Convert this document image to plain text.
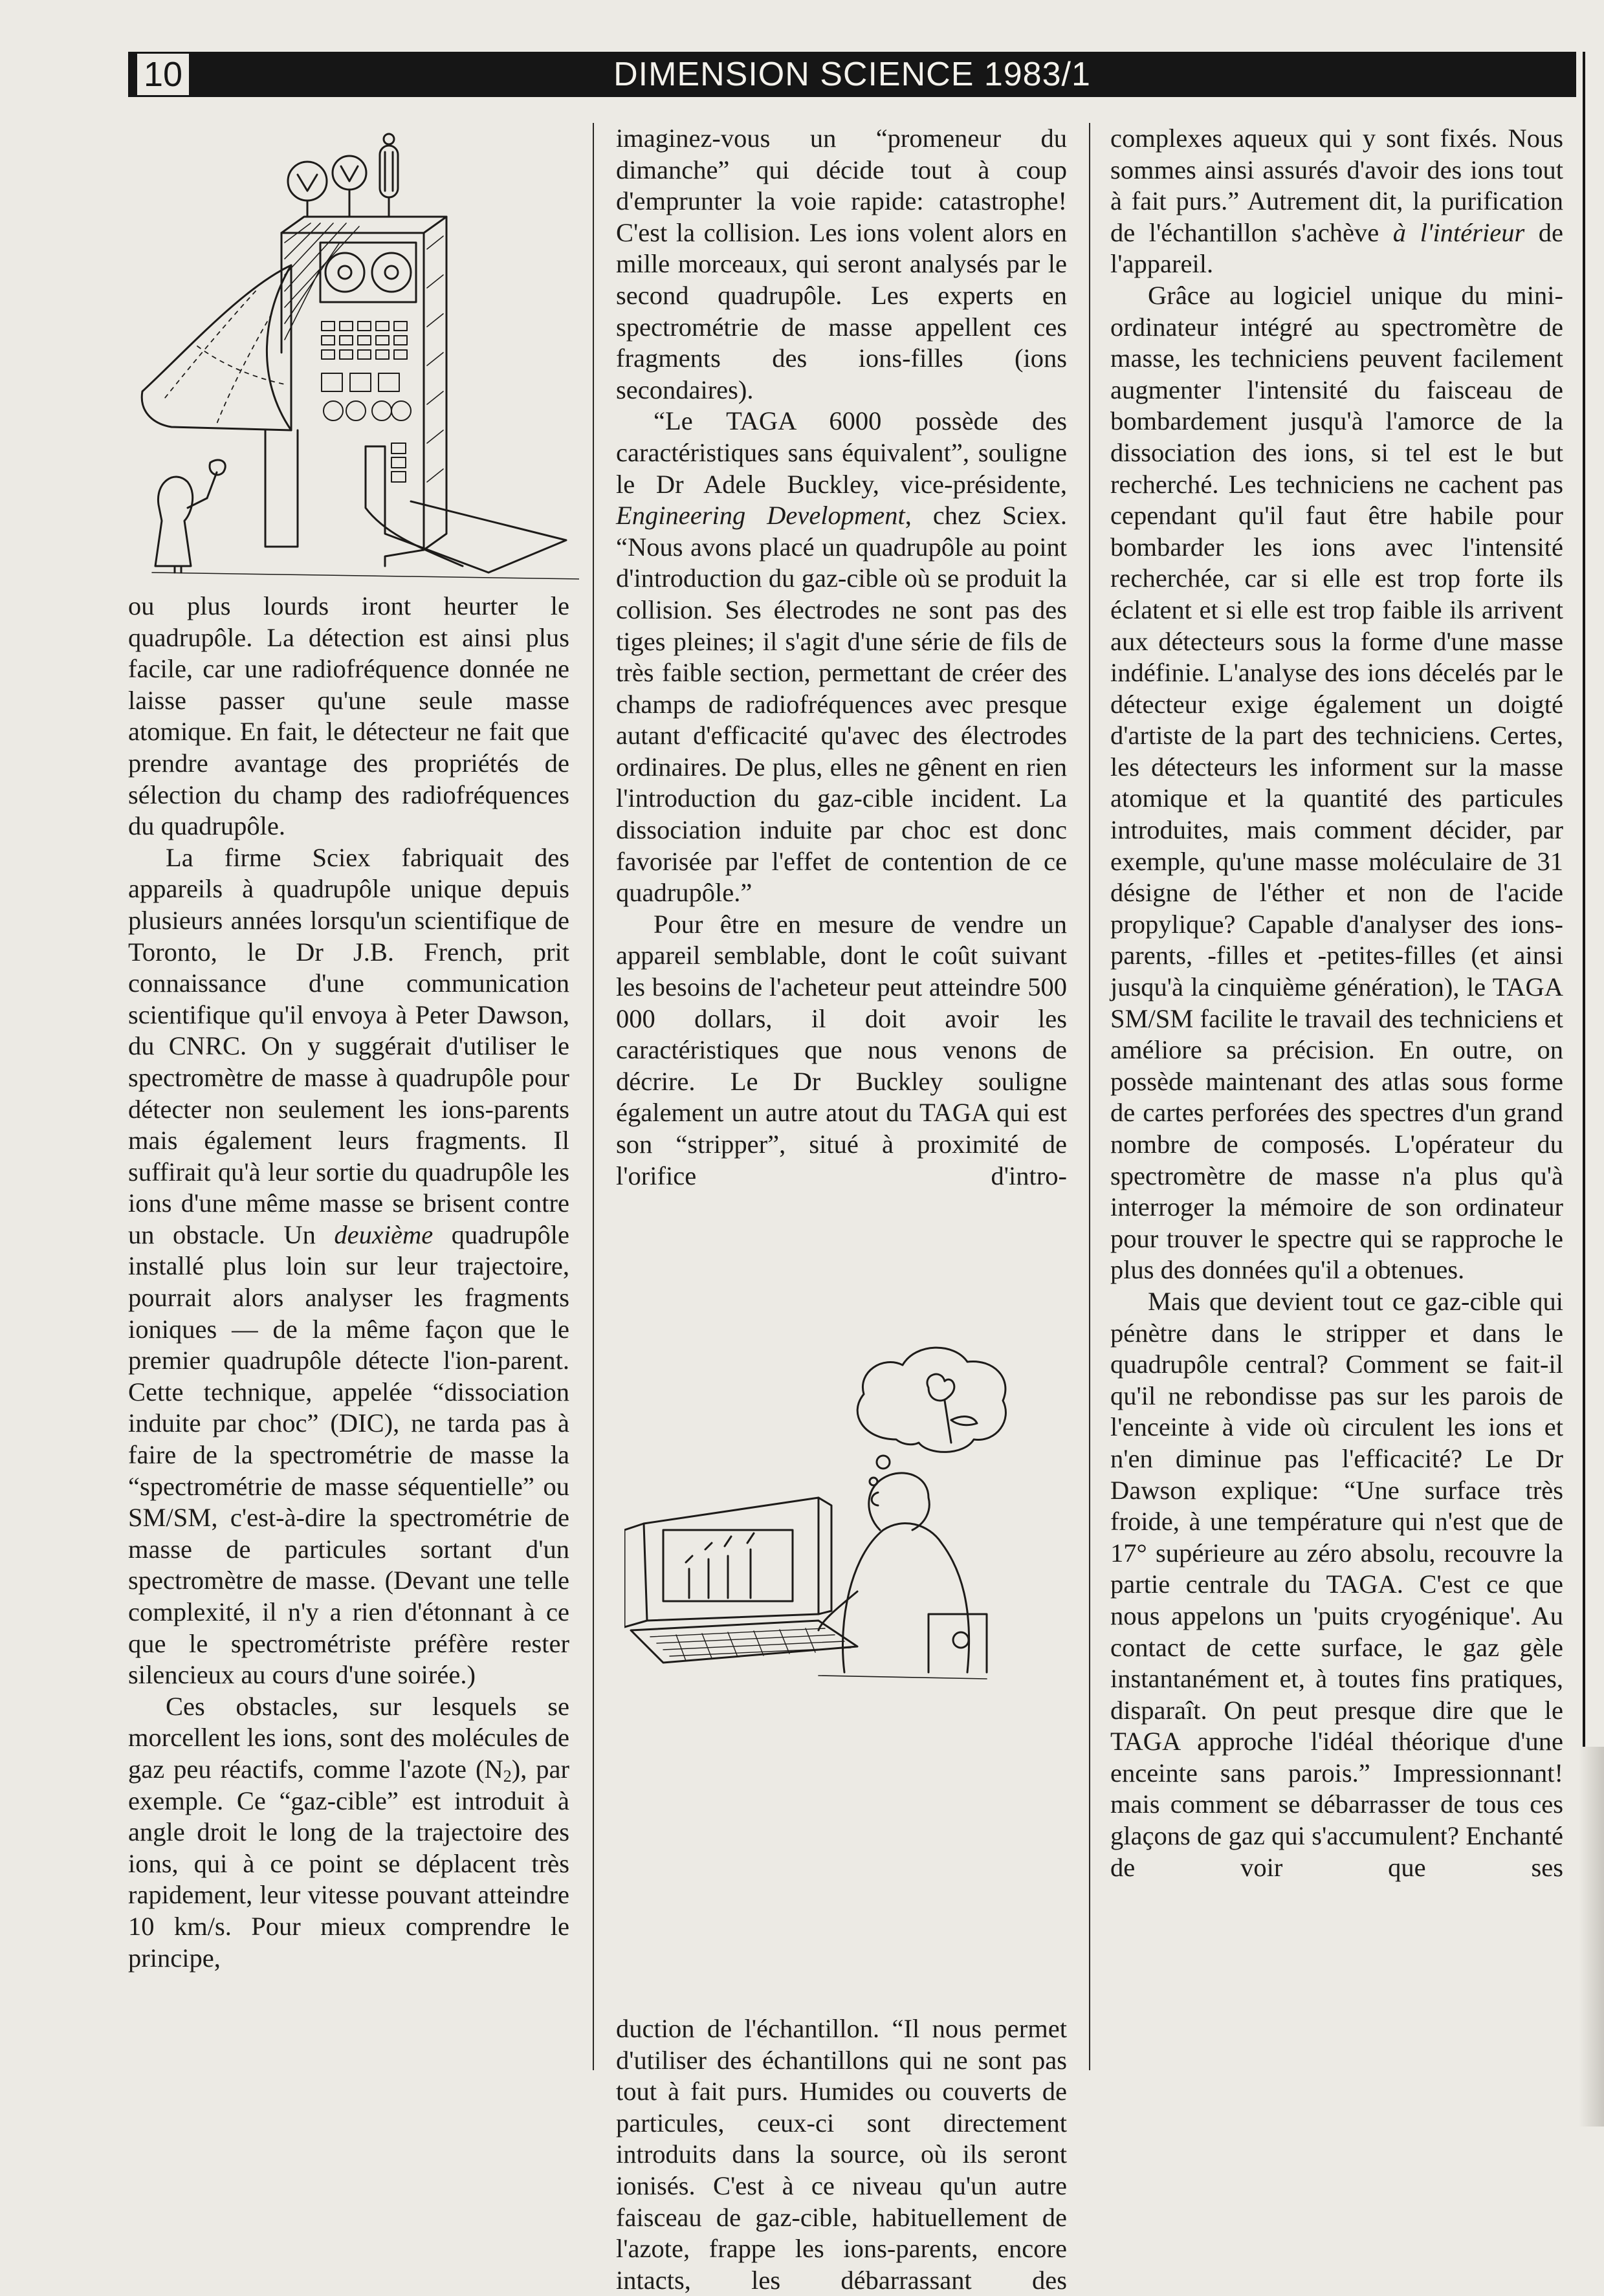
10	DIMENSION SCIENCE 1983/1

ou plus lourds iront heurter le quadrupôle. La détection est ainsi plus facile, car une radiofréquence donnée ne laisse passer qu'une seule masse atomique. En fait, le détecteur ne fait que prendre avantage des propriétés de sélection du champ des radiofréquences du quadrupôle.

La firme Sciex fabriquait des appareils à quadrupôle unique depuis plusieurs années lorsqu'un scientifique de Toronto, le Dr J.B. French, prit connaissance d'une communication scientifique qu'il envoya à Peter Dawson, du CNRC. On y suggérait d'utiliser le spectromètre de masse à quadrupôle pour détecter non seulement les ions-parents mais également leurs fragments. Il suffirait qu'à leur sortie du quadrupôle les ions d'une même masse se brisent contre un obstacle. Un deuxième quadrupôle installé plus loin sur leur trajectoire, pourrait alors analyser les fragments ioniques — de la même façon que le premier quadrupôle détecte l'ion-parent. Cette technique, appelée “dissociation induite par choc” (DIC), ne tarda pas à faire de la spectrométrie de masse la “spectrométrie de masse séquentielle” ou SM/SM, c'est-à-dire la spectrométrie de masse de particules sortant d'un spectromètre de masse. (Devant une telle complexité, il n'y a rien d'étonnant à ce que le spectrométriste préfère rester silencieux au cours d'une soirée.)

Ces obstacles, sur lesquels se morcellent les ions, sont des molécules de gaz peu réactifs, comme l'azote $(N_2)$, par exemple. Ce “gaz-cible” est introduit à angle droit le long de la trajectoire des ions, qui à ce point se déplacent très rapidement, leur vitesse pouvant atteindre 10 km/s. Pour mieux comprendre le principe,

imaginez-vous un “promeneur du dimanche” qui décide tout à coup d'emprunter la voie rapide: catastrophe! C'est la collision. Les ions volent alors en mille morceaux, qui seront analysés par le second quadrupôle. Les experts en spectrométrie de masse appellent ces fragments des ions-filles (ions secondaires).

“Le TAGA 6000 possède des caractéristiques sans équivalent”, souligne le Dr Adele Buckley, vice-présidente, Engineering Development, chez Sciex. “Nous avons placé un quadrupôle au point d'introduction du gaz-cible où se produit la collision. Ses électrodes ne sont pas des tiges pleines; il s'agit d'une série de fils de très faible section, permettant de créer des champs de radiofréquences avec presque autant d'efficacité qu'avec des électrodes ordinaires. De plus, elles ne gênent en rien l'introduction du gaz-cible incident. La dissociation induite par choc est donc favorisée par l'effet de contention de ce quadrupôle.”

Pour être en mesure de vendre un appareil semblable, dont le coût suivant les besoins de l'acheteur peut atteindre 500 000 dollars, il doit avoir les caractéristiques que nous venons de décrire. Le Dr Buckley souligne également un autre atout du TAGA qui est son “stripper”, situé à proximité de l'orifice d'intro-

duction de l'échantillon. “Il nous permet d'utiliser des échantillons qui ne sont pas tout à fait purs. Humides ou couverts de particules, ceux-ci sont directement introduits dans la source, où ils seront ionisés. C'est à ce niveau qu'un autre faisceau de gaz-cible, habituellement de l'azote, frappe les ions-parents, encore intacts, les débarrassant des

complexes aqueux qui y sont fixés. Nous sommes ainsi assurés d'avoir des ions tout à fait purs.” Autrement dit, la purification de l'échantillon s'achève à l'intérieur de l'appareil.

Grâce au logiciel unique du mini-ordinateur intégré au spectromètre de masse, les techniciens peuvent facilement augmenter l'intensité du faisceau de bombardement jusqu'à l'amorce de la dissociation des ions, si tel est le but recherché. Les techniciens ne cachent pas cependant qu'il faut être habile pour bombarder les ions avec l'intensité recherchée, car si elle est trop forte ils éclatent et si elle est trop faible ils arrivent aux détecteurs sous la forme d'une masse indéfinie. L'analyse des ions décelés par le détecteur exige également un doigté d'artiste de la part des techniciens. Certes, les détecteurs les informent sur la masse atomique et la quantité des particules introduites, mais comment décider, par exemple, qu'une masse moléculaire de 31 désigne de l'éther et non de l'acide propylique? Capable d'analyser des ions-parents, -filles et -petites-filles (et ainsi jusqu'à la cinquième génération), le TAGA SM/SM facilite le travail des techniciens et améliore sa précision. En outre, on possède maintenant des atlas sous forme de cartes perforées des spectres d'un grand nombre de composés. L'opérateur du spectromètre de masse n'a plus qu'à interroger la mémoire de son ordinateur pour trouver le spectre qui se rapproche le plus des données qu'il a obtenues.

Mais que devient tout ce gaz-cible qui pénètre dans le stripper et dans le quadrupôle central? Comment se fait-il qu'il ne rebondisse pas sur les parois de l'enceinte à vide où circulent les ions et n'en diminue pas l'efficacité? Le Dr Dawson explique: “Une surface très froide, à une température qui n'est que de 17° supérieure au zéro absolu, recouvre la partie centrale du TAGA. C'est ce que nous appelons un 'puits cryogénique'. Au contact de cette surface, le gaz gèle instantanément et, à toutes fins pratiques, disparaît. On peut presque dire que le TAGA approche l'idéal théorique d'une enceinte sans parois.” Impressionnant! mais comment se débarrasser de tous ces glaçons de gaz qui s'accumulent? Enchanté de voir que ses
